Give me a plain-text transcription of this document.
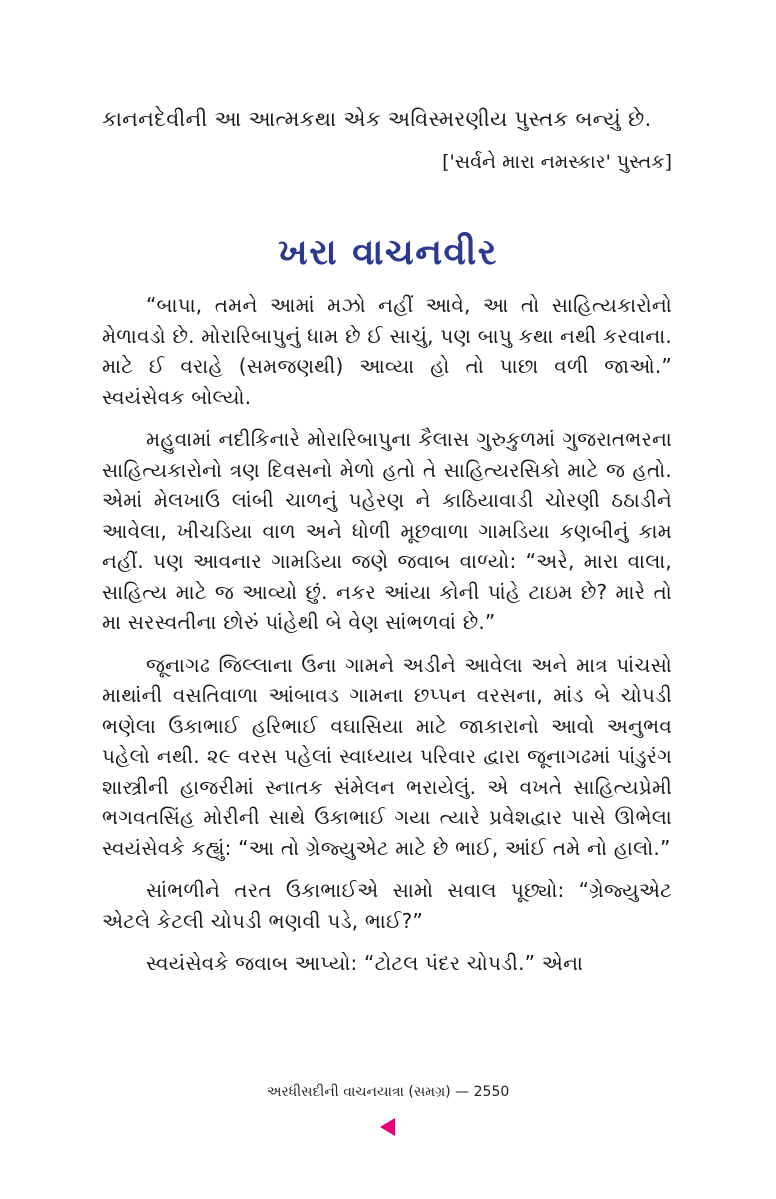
કાનનદેવીની આ આત્મકથા એક અવિસ્મરણીય પુસ્તક બન્યું છે.
['સર્વને મારા નમસ્કાર' પુસ્તક]
ખરા વાચનવીર

“બાપા, તમને આમાં મઝો નહીં આવે, આ તો સાહિત્યકારોનો મેળાવડો છે. મોરારિબાપુનું ધામ છે ઈ સાચું, પણ બાપુ કથા નથી કરવાના. માટે ઈ વરાહે (સમજણથી) આવ્યા હો તો પાછા વળી જાઓ.” સ્વયંસેવક બોલ્યો.

મહુવામાં નદીકિનારે મોરારિબાપુના કૈલાસ ગુરુકુળમાં ગુજરાતભરના સાહિત્યકારોનો ત્રણ દિવસનો મેળો હતો તે સાહિત્યરસિકો માટે જ હતો. એમાં મેલખાઉ લાંબી ચાળનું પહેરણ ને કાઠિયાવાડી ચોરણી ઠઠાડીને આવેલા, ખીચડિયા વાળ અને ધોળી મૂછવાળા ગામડિયા કણબીનું કામ નહીં. પણ આવનાર ગામડિયા જણે જવાબ વાળ્યો: “અરે, મારા વાલા, સાહિત્ય માટે જ આવ્યો છું. નકર આંયા કોની પાંહે ટાઇમ છે? મારે તો મા સરસ્વતીના છોરું પાંહેથી બે વેણ સાંભળવાં છે.”

જૂનાગઢ જિલ્લાના ઉના ગામને અડીને આવેલા અને માત્ર પાંચસો માથાંની વસતિવાળા આંબાવડ ગામના છપ્પન વરસના, માંડ બે ચોપડી ભણેલા ઉકાભાઈ હરિભાઈ વઘાસિયા માટે જાકારાનો આવો અનુભવ પહેલો નથી. ૨૯ વરસ પહેલાં સ્વાધ્યાય પરિવાર દ્વારા જૂનાગઢમાં પાંડુરંગ શાસ્ત્રીની હાજરીમાં સ્નાતક સંમેલન ભરાયેલું. એ વખતે સાહિત્યપ્રેમી ભગવતસિંહ મોરીની સાથે ઉકાભાઈ ગયા ત્યારે પ્રવેશદ્વાર પાસે ઊભેલા સ્વયંસેવકે કહ્યું: “આ તો ગ્રેજ્યુએટ માટે છે ભાઈ, આંઈ તમે નો હાલો.”

સાંભળીને તરત ઉકાભાઈએ સામો સવાલ પૂછ્યો: “ગ્રેજ્યુએટ એટલે કેટલી ચોપડી ભણવી પડે, ભાઈ?”

સ્વયંસેવકે જવાબ આપ્યો: “ટોટલ પંદર ચોપડી.” એના

અરધીસદીની વાચનયાત્રા (સમગ્ર) — 2550
